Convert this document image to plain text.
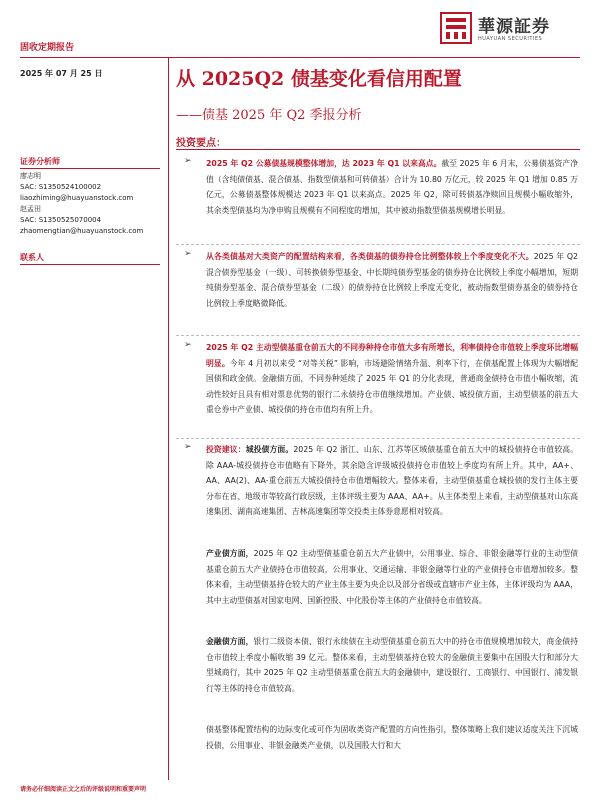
固收定期报告
華源証券
HUAYUAN SECURITIES
2025 年 07 月 25 日	从 2025Q2 债基变化看信用配置
——债基 2025 年 Q2 季报分析
投资要点：
证券分析师
廖志明
SAC: S1350524100002
liaozhiming@huayuanstock.com
赵孟田
SAC: S1350525070004
zhaomengtian@huayuanstock.com
联系人
➢ 2025 年 Q2 公募债基规模整体增加，达 2023 年 Q1 以来高点。截至 2025 年 6 月末，公募债基资产净值（含纯债债基、混合债基、指数型债基和可转债基）合计为 10.80 万亿元，较 2025 年 Q1 增加 0.85 万亿元，公募债基整体规模达 2023 年 Q1 以来高点。2025 年 Q2，除可转债基净赎回且规模小幅收缩外，其余类型债基均为净申购且规模有不同程度的增加，其中被动指数型债基规模增长明显。
➢ 从各类债基对大类资产的配置结构来看，各类债基的债券持仓比例整体较上个季度变化不大。2025 年 Q2 混合债券型基金（一级）、可转换债券型基金、中长期纯债券型基金的债券持仓比例较上季度小幅增加，短期纯债券型基金、混合债券型基金（二级）的债券持仓比例较上季度无变化，被动指数型债券基金的债券持仓比例较上季度略微降低。
➢ 2025 年 Q2 主动型债基重仓前五大的不同券种持仓市值大多有所增长，利率债持仓市值较上季度环比增幅明显。今年 4 月初以来受 “对等关税” 影响，市场避险情绪升温、利率下行，在债基配置上体现为大幅增配国债和政金债。金融债方面，不同券种延续了 2025 年 Q1 的分化表现，普通商金债持仓市值小幅收缩，流动性较好且具有相对票息优势的银行二永债持仓市值继续增加。产业债、城投债方面，主动型债基的前五大重仓券中产业债、城投债的持仓市值均有所上升。
➢ 投资建议：城投债方面。2025 年 Q2 浙江、山东、江苏等区域债基重仓前五大中的城投债持仓市值较高。除 AAA-城投债持仓市值略有下降外，其余隐含评级城投债持仓市值较上季度均有所上升。其中，AA+、AA、AA(2)、AA-重仓前五大城投债持仓市值增幅较大。整体来看，主动型债基重仓城投债的发行主体主要分布在省、地级市等较高行政层级，主体评级主要为 AAA、AA+。从主体类型上来看，主动型债基对山东高速集团、湖南高速集团、吉林高速集团等交投类主体券意愿相对较高。
产业债方面，2025 年 Q2 主动型债基重仓前五大产业债中，公用事业、综合、非银金融等行业的主动型债基重仓前五大产业债持仓市值较高，公用事业、交通运输、非银金融等行业的产业债持仓市值增加较多。整体来看，主动型债基持仓较大的产业主体主要为央企以及部分省级或直辖市产业主体，主体评级均为 AAA，其中主动型债基对国家电网、国新控股、中化股份等主体的产业债持仓市值较高。
金融债方面，银行二级资本债、银行永续债在主动型债基重仓前五大中的持仓市值规模增加较大，商金债持仓市值较上季度小幅收缩 39 亿元。整体来看，主动型债基持仓较大的金融债主要集中在国股大行和部分大型城商行，其中 2025 年 Q2 主动型债基重仓前五大的金融债中，建设银行、工商银行、中国银行、浦发银行等主体的持仓市值较高。
债基整体配置结构的边际变化或可作为固收类资产配置的方向性指引，整体策略上我们建议适度关注下沉城投债，公用事业、非银金融类产业债，以及国股大行和大
请务必仔细阅读正文之后的评级说明和重要声明
